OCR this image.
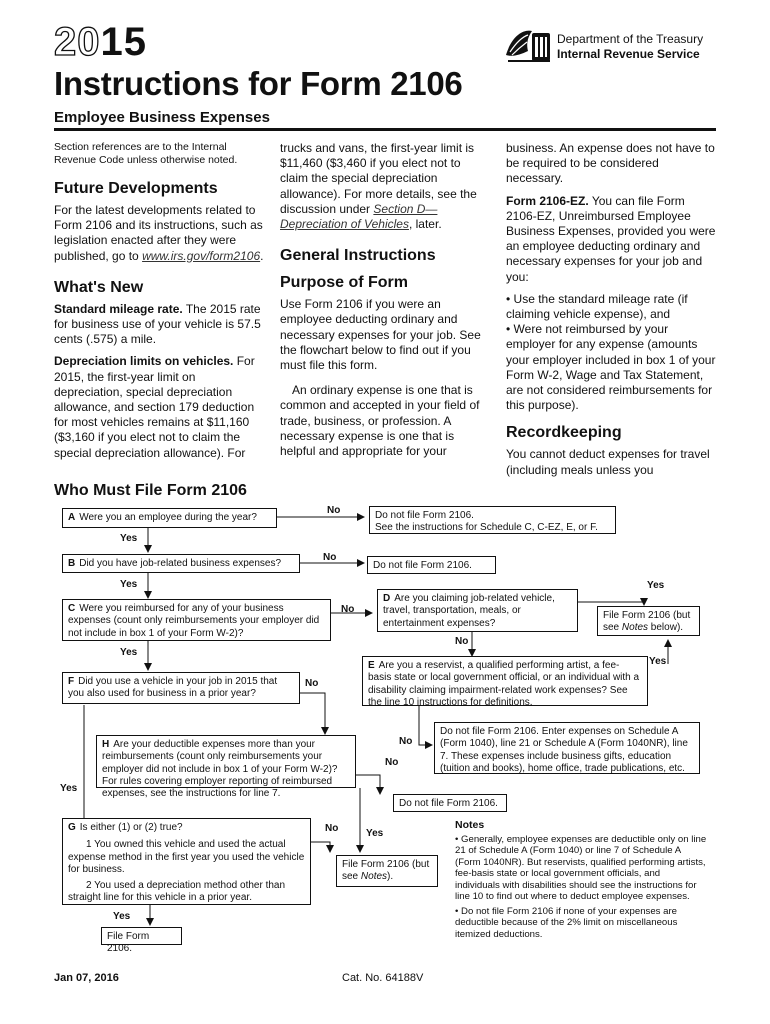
2015
Instructions for Form 2106
Employee Business Expenses
Department of the Treasury
Internal Revenue Service

Section references are to the Internal Revenue Code unless otherwise noted.

Future Developments

For the latest developments related to Form 2106 and its instructions, such as legislation enacted after they were published, go to www.irs.gov/form2106.

What's New

Standard mileage rate. The 2015 rate for business use of your vehicle is 57.5 cents (.575) a mile.

Depreciation limits on vehicles. For 2015, the first-year limit on depreciation, special depreciation allowance, and section 179 deduction for most vehicles remains at $11,160 ($3,160 if you elect not to claim the special depreciation allowance). For

trucks and vans, the first-year limit is $11,460 ($3,460 if you elect not to claim the special depreciation allowance). For more details, see the discussion under Section D—Depreciation of Vehicles, later.

General Instructions
Purpose of Form

Use Form 2106 if you were an employee deducting ordinary and necessary expenses for your job. See the flowchart below to find out if you must file this form.

An ordinary expense is one that is common and accepted in your field of trade, business, or profession. A necessary expense is one that is helpful and appropriate for your

business. An expense does not have to be required to be considered necessary.

Form 2106-EZ. You can file Form 2106-EZ, Unreimbursed Employee Business Expenses, provided you were an employee deducting ordinary and necessary expenses for your job and you:

• Use the standard mileage rate (if claiming vehicle expense), and

• Were not reimbursed by your employer for any expense (amounts your employer included in box 1 of your Form W-2, Wage and Tax Statement, are not considered reimbursements for this purpose).

Recordkeeping

You cannot deduct expenses for travel (including meals unless you

Who Must File Form 2106
A Were you an employee during the year?
No	Do not file Form 2106.
See the instructions for Schedule C, C-EZ, E, or F.
Yes
B Did you have job-related business expenses?
No
Do not file Form 2106.
Yes
C Were you reimbursed for any of your business expenses (count only reimbursements your employer did not include in box 1 of your Form W-2)?
No
Yes
D Are you claiming job-related vehicle, travel, transportation, meals, or entertainment expenses?
Yes
File Form 2106 (but see Notes below).
No
Yes
E Are you a reservist, a qualified performing artist, a fee-basis state or local government official, or an individual with a disability claiming impairment-related work expenses? See the line 10 instructions for definitions.
F Did you use a vehicle in your job in 2015 that you also used for business in a prior year?
No
H Are your deductible expenses more than your reimbursements (count only reimbursements your employer did not include in box 1 of your Form W-2)? For rules covering employer reporting of reimbursed expenses, see the instructions for line 7.
No
Do not file Form 2106. Enter expenses on Schedule A (Form 1040), line 21 or Schedule A (Form 1040NR), line 7. These expenses include business gifts, education (tuition and books), home office, trade publications, etc.
No
Do not file Form 2106.
Yes
G Is either (1) or (2) true?
1 You owned this vehicle and used the actual expense method in the first year you used the vehicle for business.
2 You used a depreciation method other than straight line for this vehicle in a prior year.
No	Yes
File Form 2106 (but see Notes).
Yes
File Form 2106.
Notes
• Generally, employee expenses are deductible only on line 21 of Schedule A (Form 1040) or line 7 of Schedule A (Form 1040NR). But reservists, qualified performing artists, fee-basis state or local government officials, and individuals with disabilities should see the instructions for line 10 to find out where to deduct employee expenses.
• Do not file Form 2106 if none of your expenses are deductible because of the 2% limit on miscellaneous itemized deductions.
Jan 07, 2016	Cat. No. 64188V
